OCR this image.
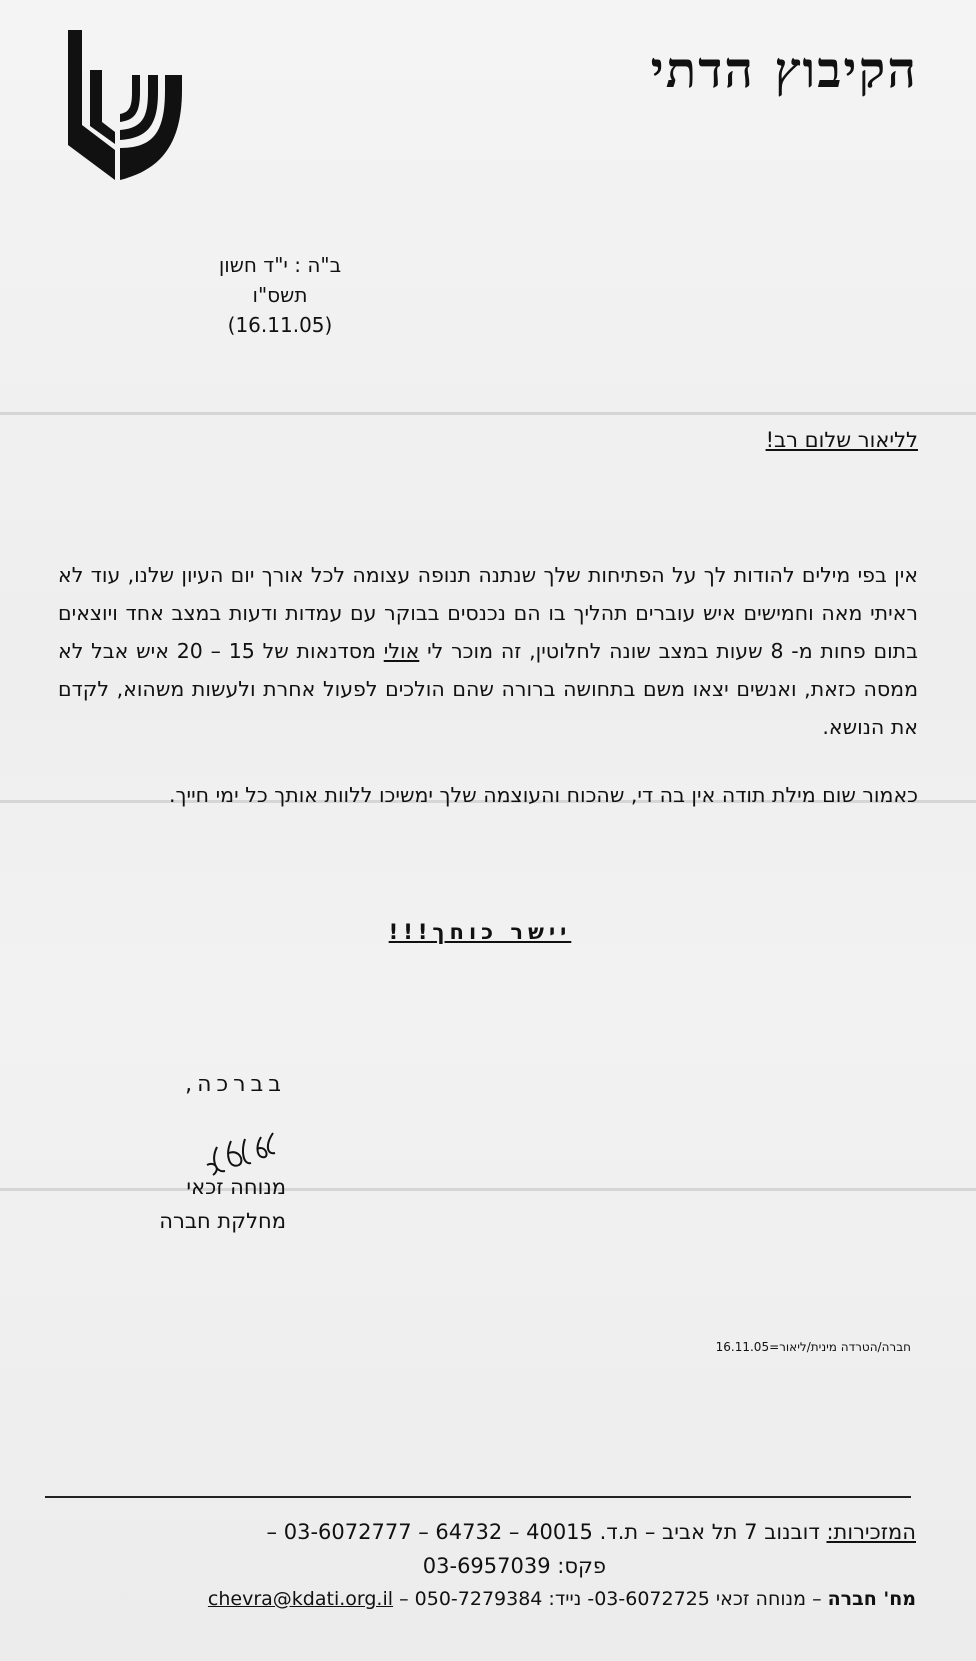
הקיבוץ הדתי
ב"ה : י"ד חשון תשס"ו
(16.11.05)
לליאור שלום רב!

אין בפי מילים להודות לך על הפתיחות שלך שנתנה תנופה עצומה לכל אורך יום העיון שלנו, עוד לא ראיתי מאה וחמישים איש עוברים תהליך בו הם נכנסים בבוקר עם עמדות ודעות במצב אחד ויוצאים בתום פחות מ- 8 שעות במצב שונה לחלוטין, זה מוכר לי אולי מסדנאות של 15 – 20 איש אבל לא ממסה כזאת, ואנשים יצאו משם בתחושה ברורה שהם הולכים לפעול אחרת ולעשות משהוא, לקדם את הנושא.

כאמור שום מילת תודה אין בה די, שהכוח והעוצמה שלך ימשיכו ללוות אותך כל ימי חייך.

יישר כוחך!!!
בברכה,
מנוחה זכאי
מחלקת חברה
חברה/הטרדה מינית/ליאור=16.11.05
המזכירות: דובנוב 7 תל אביב – ת.ד. 40015 – 64732 – 03-6072777 –
פקס: 03-6957039
מח' חברה – מנוחה זכאי 03-6072725- נייד: 050-7279384 – chevra@kdati.org.il
